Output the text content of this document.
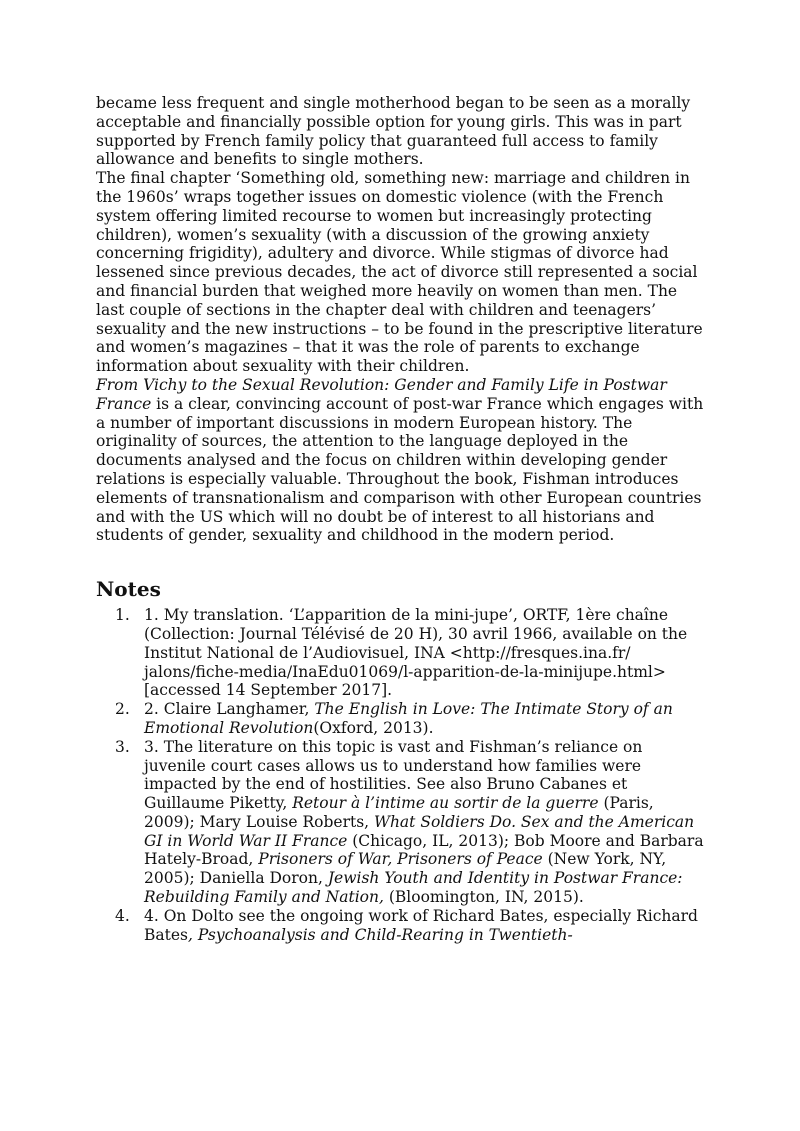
became less frequent and single motherhood began to be seen as a morally acceptable and financially possible option for young girls. This was in part supported by French family policy that guaranteed full access to family allowance and benefits to single mothers.

The final chapter ‘Something old, something new: marriage and children in the 1960s’ wraps together issues on domestic violence (with the French system offering limited recourse to women but increasingly protecting children), women’s sexuality (with a discussion of the growing anxiety concerning frigidity), adultery and divorce. While stigmas of divorce had lessened since previous decades, the act of divorce still represented a social and financial burden that weighed more heavily on women than men. The last couple of sections in the chapter deal with children and teenagers’ sexuality and the new instructions – to be found in the prescriptive literature and women’s magazines – that it was the role of parents to exchange information about sexuality with their children.

From Vichy to the Sexual Revolution: Gender and Family Life in Postwar France is a clear, convincing account of post-war France which engages with a number of important discussions in modern European history. The originality of sources, the attention to the language deployed in the documents analysed and the focus on children within developing gender relations is especially valuable. Throughout the book, Fishman introduces elements of transnationalism and comparison with other European countries and with the US which will no doubt be of interest to all historians and students of gender, sexuality and childhood in the modern period.

Notes
1. 1. My translation. ‘L’apparition de la mini-jupe’, ORTF, 1ère chaîne (Collection: Journal Télévisé de 20 H), 30 avril 1966, available on the Institut National de l’Audiovisuel, INA <http://fresques.ina.fr/ jalons/fiche-media/InaEdu01069/l-apparition-de-la-minijupe.html> [accessed 14 September 2017].
2. 2. Claire Langhamer, The English in Love: The Intimate Story of an Emotional Revolution(Oxford, 2013).
3. 3. The literature on this topic is vast and Fishman’s reliance on juvenile court cases allows us to understand how families were impacted by the end of hostilities. See also Bruno Cabanes et Guillaume Piketty, Retour à l’intime au sortir de la guerre (Paris, 2009); Mary Louise Roberts, What Soldiers Do. Sex and the American GI in World War II France (Chicago, IL, 2013); Bob Moore and Barbara Hately-Broad, Prisoners of War, Prisoners of Peace (New York, NY, 2005); Daniella Doron, Jewish Youth and Identity in Postwar France: Rebuilding Family and Nation, (Bloomington, IN, 2015).
4. 4. On Dolto see the ongoing work of Richard Bates, especially Richard Bates, Psychoanalysis and Child-Rearing in Twentieth-
